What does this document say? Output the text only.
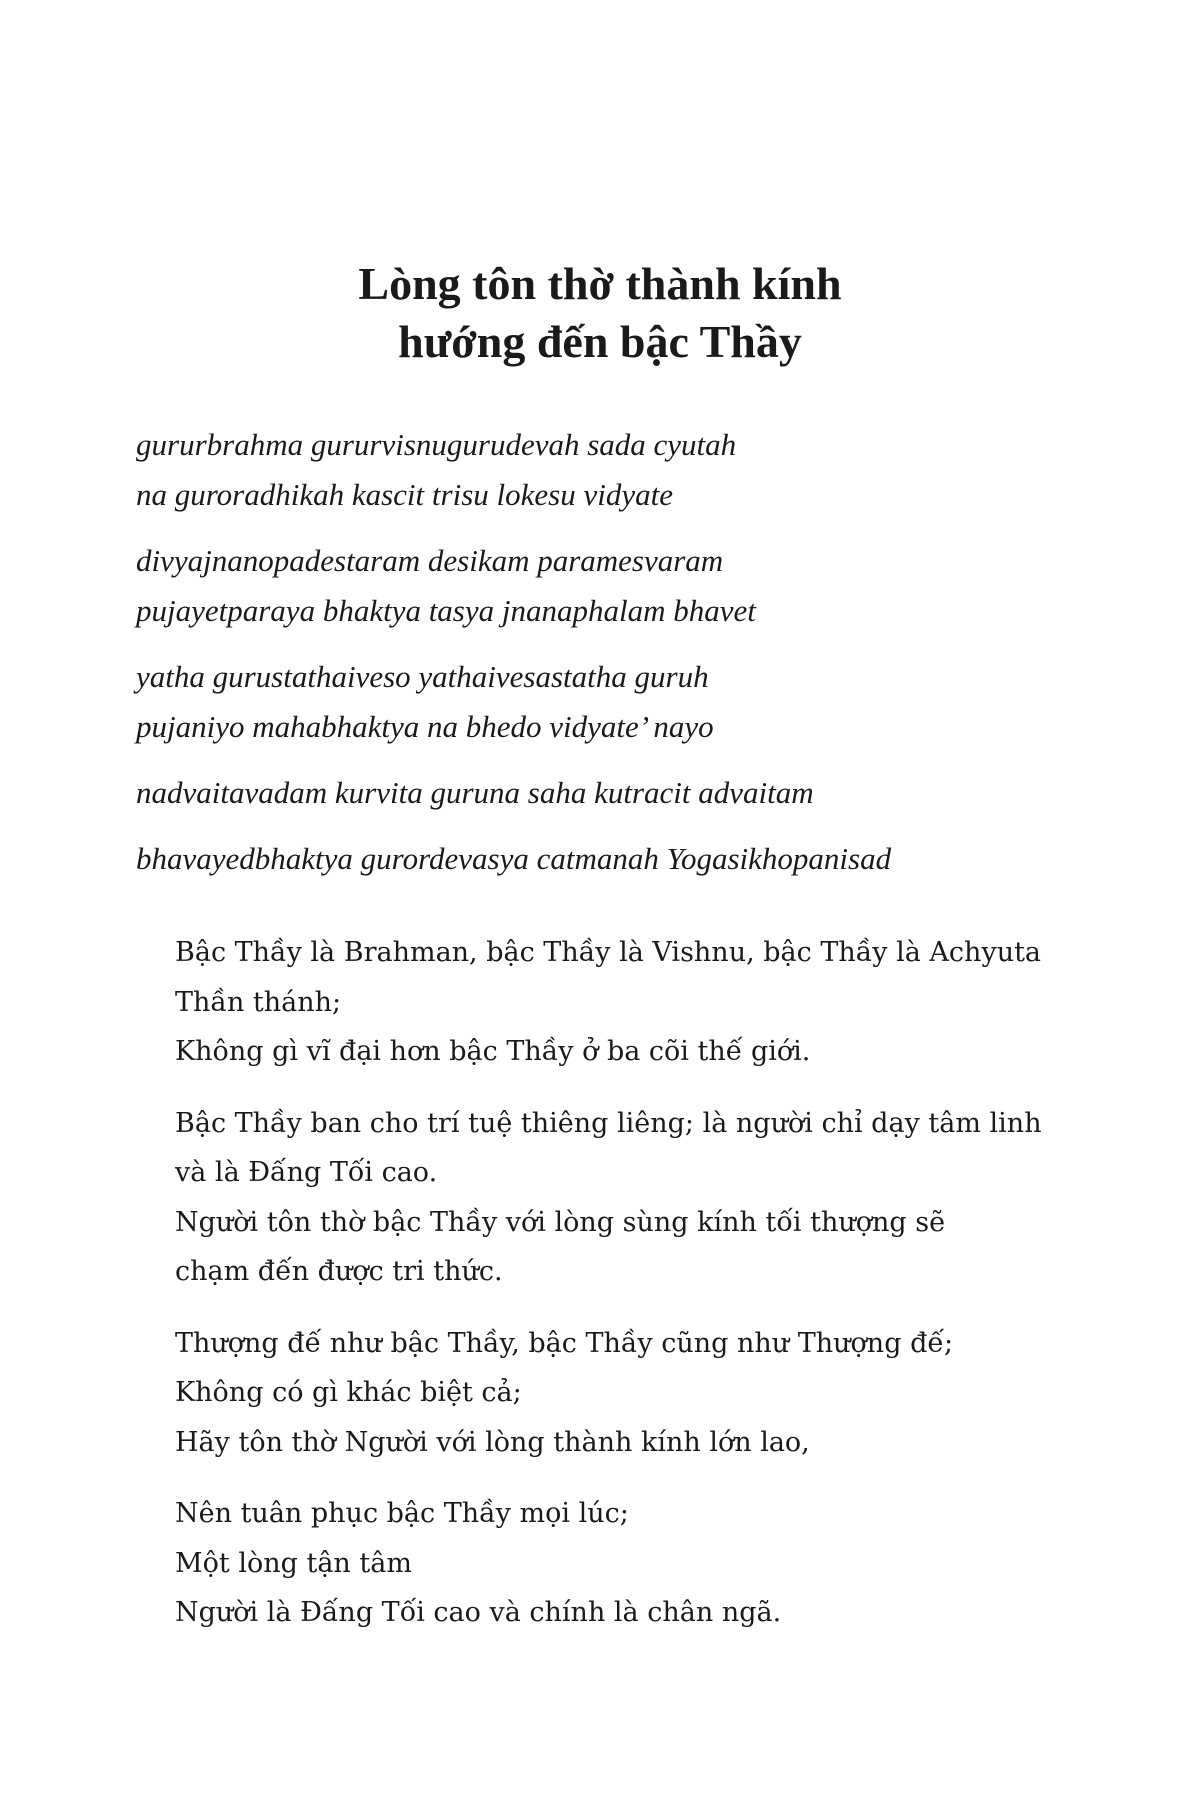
Lòng tôn thờ thành kính
hướng đến bậc Thầy
gururbrahma gururvisnugurudevah sada cyutah
na guroradhikah kascit trisu lokesu vidyate
divyajnanopadestaram desikam paramesvaram
pujayetparaya bhaktya tasya jnanaphalam bhavet
yatha gurustathaiveso yathaivesastatha guruh
pujaniyo mahabhaktya na bhedo vidyate’ nayo
nadvaitavadam kurvita guruna saha kutracit advaitam
bhavayedbhaktya gurordevasya catmanah Yogasikhopanisad
Bậc Thầy là Brahman, bậc Thầy là Vishnu, bậc Thầy là Achyuta
Thần thánh;
Không gì vĩ đại hơn bậc Thầy ở ba cõi thế giới.
Bậc Thầy ban cho trí tuệ thiêng liêng; là người chỉ dạy tâm linh
và là Đấng Tối cao.
Người tôn thờ bậc Thầy với lòng sùng kính tối thượng sẽ
chạm đến được tri thức.
Thượng đế như bậc Thầy, bậc Thầy cũng như Thượng đế;
Không có gì khác biệt cả;
Hãy tôn thờ Người với lòng thành kính lớn lao,
Nên tuân phục bậc Thầy mọi lúc;
Một lòng tận tâm
Người là Đấng Tối cao và chính là chân ngã.
